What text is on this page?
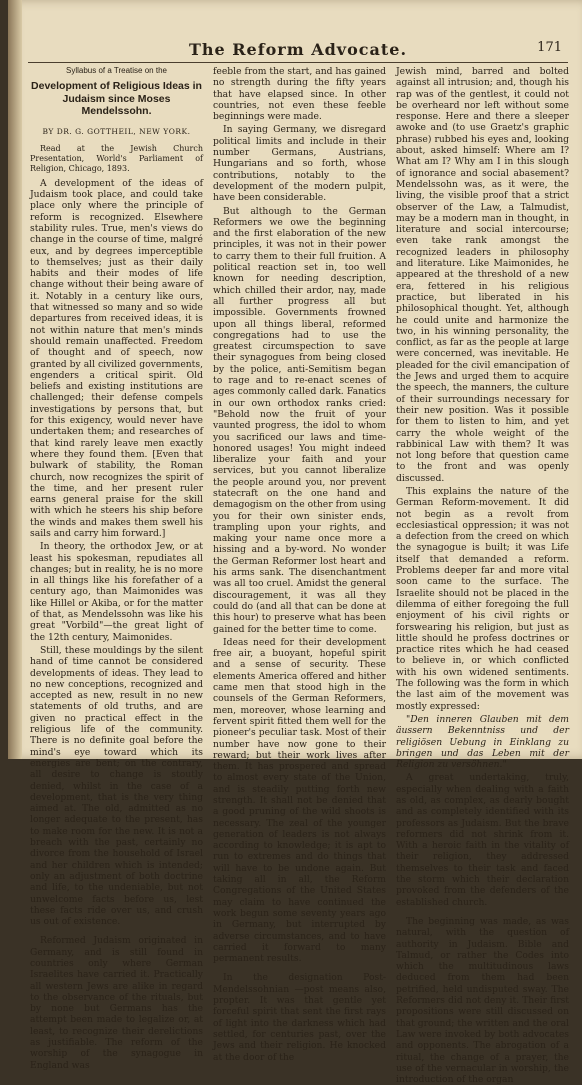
The Reform Advocate.	171
Syllabus of a Treatise on the
Development of Religious Ideas in Judaism since Moses Mendelssohn.
BY DR. G. GOTTHEIL, NEW YORK.

Read at the Jewish Church Presentation, World's Parliament of Religion, Chicago, 1893.

A development of the ideas of Judaism took place, and could take place only where the principle of reform is recognized. Elsewhere stability rules. True, men's views do change in the course of time, malgré eux, and by degrees imperceptible to themselves; just as their daily habits and their modes of life change without their being aware of it. Notably in a century like ours, that witnessed so many and so wide departures from received ideas, it is not within nature that men's minds should remain unaffected. Freedom of thought and of speech, now granted by all civilized governments, engenders a critical spirit. Old beliefs and existing institutions are challenged; their defense compels investigations by persons that, but for this exigency, would never have undertaken them; and researches of that kind rarely leave men exactly where they found them. [Even that bulwark of stability, the Roman church, now recognizes the spirit of the time, and her present ruler earns general praise for the skill with which he steers his ship before the winds and makes them swell his sails and carry him forward.]

In theory, the orthodox Jew, or at least his spokesman, repudiates all changes; but in reality, he is no more in all things like his forefather of a century ago, than Maimonides was like Hillel or Akiba, or for the matter of that, as Mendelssohn was like his great "Vorbild"—the great light of the 12th century, Maimonides.

Still, these mouldings by the silent hand of time cannot be considered developments of ideas. They lead to no new conceptions, recognized and accepted as new, result in no new statements of old truths, and are given no practical effect in the religious life of the community. There is no definite goal before the mind's eye toward which its energies are bent; on the contrary, all desire to change is stoutly denied, whilst in the case of a development, that is the very thing aimed at. The old, admitted as no longer adequate to the present, has to make room for the new. It is not a breach with the past, certainly no divorce from the household of Israel and her children which is intended; only an adjustment of both doctrine and life, to the undeniable, but not unwelcome facts before us, lest these facts ride over us, and crush us out of existence.

Reformed Judaism originated in Germany, and is still found in countries only where German Israelites have carried it. Practically all western Jews are alike in regard to the observance of the rituals, but by none but Germans has the attempt been made to legalize or, at least, to recognize their derelictions as justifiable. The reform of the worship of the synagogue in England was

feeble from the start, and has gained no strength during the fifty years that have elapsed since. In other countries, not even these feeble beginnings were made.

In saying Germany, we disregard political limits and include in their number Germans, Austrians, Hungarians and so forth, whose contributions, notably to the development of the modern pulpit, have been considerable.

But although to the German Reformers we owe the beginning and the first elaboration of the new principles, it was not in their power to carry them to their full fruition. A political reaction set in, too well known for needing description, which chilled their ardor, nay, made all further progress all but impossible. Governments frowned upon all things liberal, reformed congregations had to use the greatest circumspection to save their synagogues from being closed by the police, anti-Semitism began to rage and to re-enact scenes of ages commonly called dark. Fanatics in our own orthodox ranks cried: "Behold now the fruit of your vaunted progress, the idol to whom you sacrificed our laws and time-honored usages! You might indeed liberalize your faith and your services, but you cannot liberalize the people around you, nor prevent statecraft on the one hand and demagogism on the other from using you for their own sinister ends, trampling upon your rights, and making your name once more a hissing and a by-word. No wonder the German Reformer lost heart and his arms sank. The disenchantment was all too cruel. Amidst the general discouragement, it was all they could do (and all that can be done at this hour) to preserve what has been gained for the better time to come.

Ideas need for their development free air, a buoyant, hopeful spirit and a sense of security. These elements America offered and hither came men that stood high in the counsels of the German Reformers, men, moreover, whose learning and fervent spirit fitted them well for the pioneer's peculiar task. Most of their number have now gone to their reward; but their work lives after them. It has prospered and spread to almost every state of the Union, and is steadily putting forth new strength. It shall not be denied that a good pruning of the wild shoots is necessary. The zeal of the younger generation of leaders is not always according to knowledge; it is apt to run to extremes and do things that will have to be undone again. But taking all in all, the Reform Congregations of the United States may claim to have continued the work begun some seventy years ago in Germany, but interrupted by adverse circumstances, and to have carried it forward to many permanent results.

In the designation Post-Mendelssohnian —post means also, propter. It was that gentle yet forceful spirit that sent the first rays of light into the darkness which had settled, for centuries past, over the Jews and their religion. He knocked at the door of the

Jewish mind, barred and bolted against all intrusion; and, though his rap was of the gentlest, it could not be overheard nor left without some response. Here and there a sleeper awoke and (to use Graetz's graphic phrase) rubbed his eyes and, looking about, asked himself: Where am I? What am I? Why am I in this slough of ignorance and social abasement? Mendelssohn was, as it were, the living, the visible proof that a strict observer of the Law, a Talmudist, may be a modern man in thought, in literature and social intercourse; even take rank amongst the recognized leaders in philosophy and literature. Like Maimonides, he appeared at the threshold of a new era, fettered in his religious practice, but liberated in his philosophical thought. Yet, although he could unite and harmonize the two, in his winning personality, the conflict, as far as the people at large were concerned, was inevitable. He pleaded for the civil emancipation of the Jews and urged them to acquire the speech, the manners, the culture of their surroundings necessary for their new position. Was it possible for them to listen to him, and yet carry the whole weight of the rabbinical Law with them? It was not long before that question came to the front and was openly discussed.

This explains the nature of the German Reform-movement. It did not begin as a revolt from ecclesiastical oppression; it was not a defection from the creed on which the synagogue is built; it was Life itself that demanded a reform. Problems deeper far and more vital soon came to the surface. The Israelite should not be placed in the dilemma of either foregoing the full enjoyment of his civil rights or forswearing his religion, but just as little should he profess doctrines or practice rites which he had ceased to believe in, or which conflicted with his own widened sentiments. The following was the form in which the last aim of the movement was mostly expressed:

"Den inneren Glauben mit dem äussern Bekenntniss und der religiösen Uebung in Einklang zu bringen und das Leben mit der Religion zu versöhnen."

A great undertaking, truly, especially when dealing with a faith as old, as complex, as dearly bought and as completely identified with its professors as Judaism. But the brave reformers did not shrink from it. With a heroic faith in the vitality of their religion, they addressed themselves to their task and faced the storm which their declaration provoked from the defenders of the established church.

The beginning was made, as was natural, with the question of authority in Judaism. Bible and Talmud, or rather the Codes into which the multitudinous laws deduced from them had been petrified, held undisputed sway. The Reformers did not deny it. Their first propositions were still discussed on that ground; the written and the oral Law were invoked by both advocates and opponents. The abrogation of a ritual, the change of a prayer, the use of the vernacular in worship, the introduction of the organ
